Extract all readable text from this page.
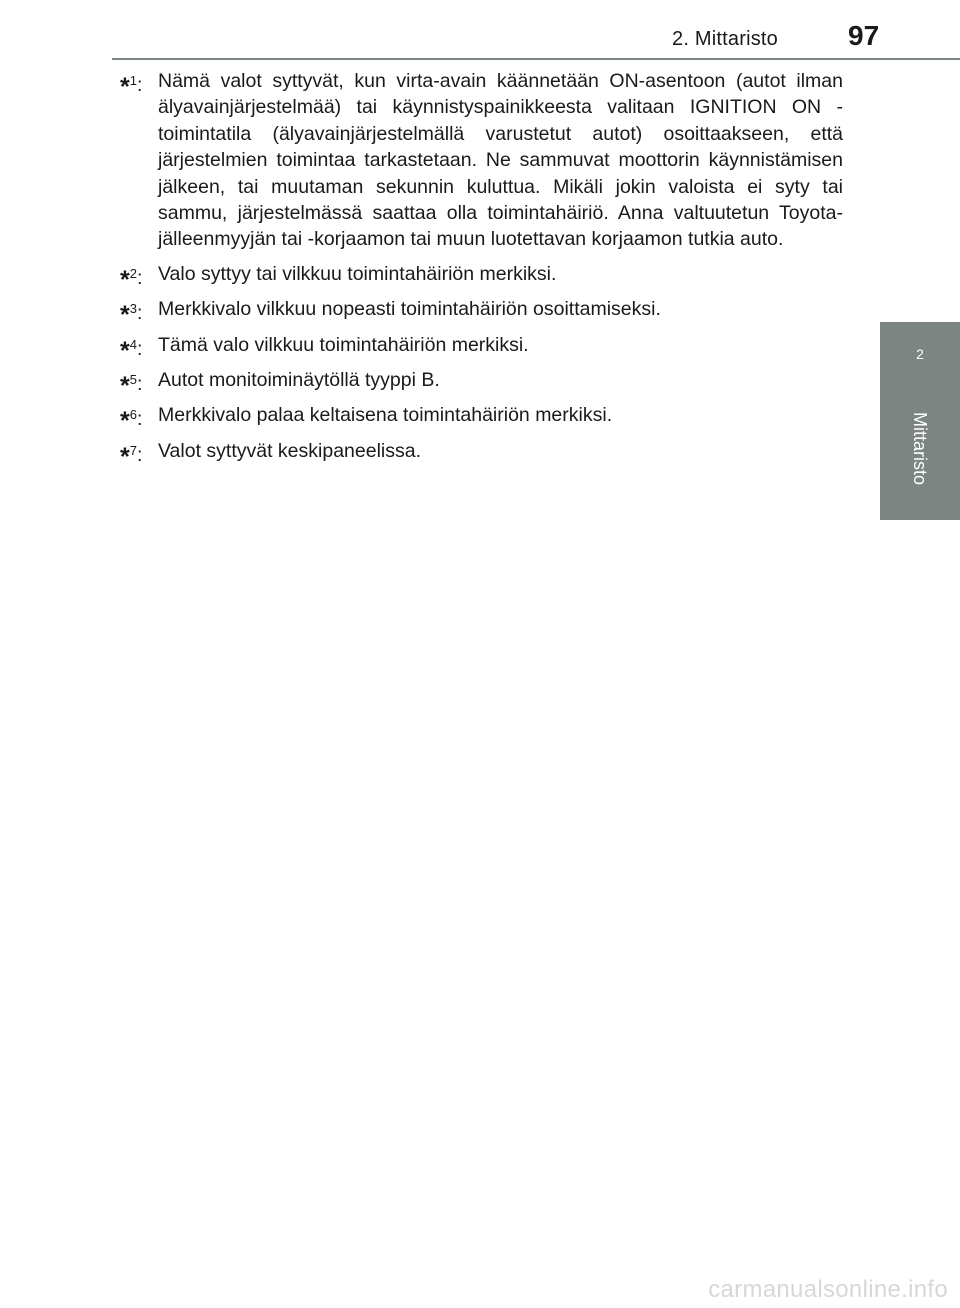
2. Mittaristo	97
2
Mittaristo
*$^1$: Nämä valot syttyvät, kun virta-avain käännetään ON-asentoon (autot ilman älyavainjärjestelmää) tai käynnistyspainikkeesta valitaan IGNITION ON -toimintatila (älyavainjärjestelmällä varustetut autot) osoittaakseen, että järjestelmien toimintaa tarkastetaan. Ne sammuvat moottorin käynnistämisen jälkeen, tai muutaman sekunnin kuluttua. Mikäli jokin valoista ei syty tai sammu, järjestelmässä saattaa olla toimintahäiriö. Anna valtuutetun Toyota-jälleenmyyjän tai -korjaamon tai muun luotettavan korjaamon tutkia auto.
*$^2$: Valo syttyy tai vilkkuu toimintahäiriön merkiksi.
*$^3$: Merkkivalo vilkkuu nopeasti toimintahäiriön osoittamiseksi.
*$^4$: Tämä valo vilkkuu toimintahäiriön merkiksi.
*$^5$: Autot monitoiminäytöllä tyyppi B.
*$^6$: Merkkivalo palaa keltaisena toimintahäiriön merkiksi.
*$^7$: Valot syttyvät keskipaneelissa.
carmanualsonline.info
